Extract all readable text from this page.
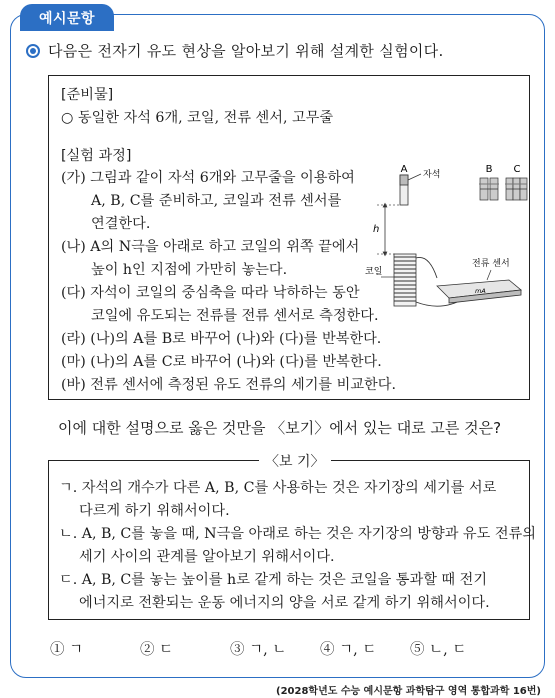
예시문항
다음은 전자기 유도 현상을 알아보기 위해 설계한 실험이다.
[준비물]
○ 동일한 자석 6개, 코일, 전류 센서, 고무줄
[실험 과정]
(가) 그림과 같이 자석 6개와 고무줄을 이용하여
A, B, C를 준비하고, 코일과 전류 센서를
연결한다.
(나) A의 N극을 아래로 하고 코일의 위쪽 끝에서
높이 h인 지점에 가만히 놓는다.
(다) 자석이 코일의 중심축을 따라 낙하하는 동안
코일에 유도되는 전류를 전류 센서로 측정한다.
(라) (나)의 A를 B로 바꾸어 (나)와 (다)를 반복한다.
(마) (나)의 A를 C로 바꾸어 (나)와 (다)를 반복한다.
(바) 전류 센서에 측정된 유도 전류의 세기를 비교한다.
A 자석
h
코일
mA
전류 센서
B C
이에 대한 설명으로 옳은 것만을 〈보기〉에서 있는 대로 고른 것은?
〈보 기〉
ㄱ. 자석의 개수가 다른 A, B, C를 사용하는 것은 자기장의 세기를 서로
다르게 하기 위해서이다.
ㄴ. A, B, C를 놓을 때, N극을 아래로 하는 것은 자기장의 방향과 유도 전류의
세기 사이의 관계를 알아보기 위해서이다.
ㄷ. A, B, C를 놓는 높이를 h로 같게 하는 것은 코일을 통과할 때 전기
에너지로 전환되는 운동 에너지의 양을 서로 같게 하기 위해서이다.
① ㄱ	② ㄷ	③ ㄱ, ㄴ ④ ㄱ, ㄷ ⑤ ㄴ, ㄷ
(2028학년도 수능 예시문항 과학탐구 영역 통합과학 16번)
